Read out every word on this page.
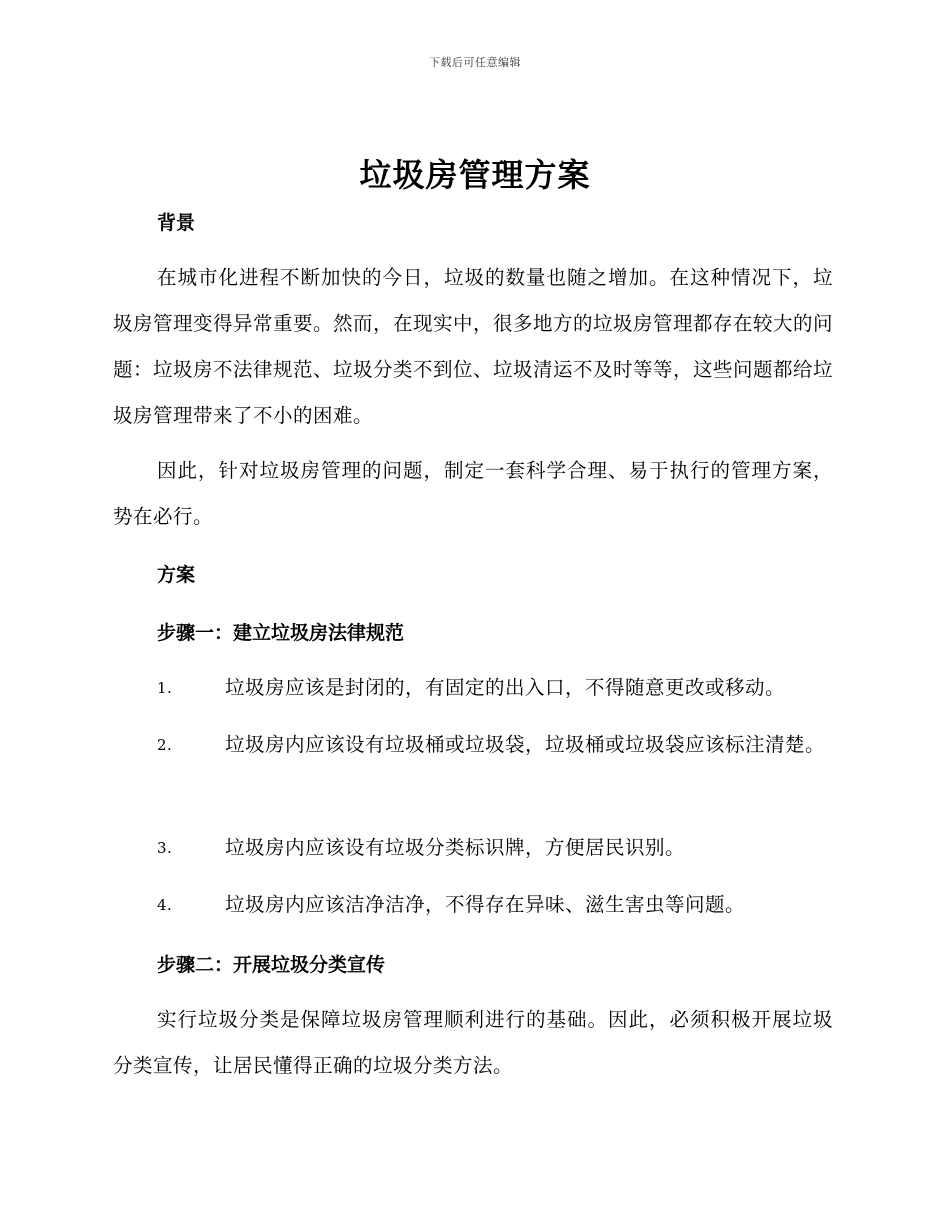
下载后可任意编辑
垃圾房管理方案
背景
在城市化进程不断加快的今日，垃圾的数量也随之增加。在这种情况下，垃圾房管理变得异常重要。然而，在现实中，很多地方的垃圾房管理都存在较大的问题：垃圾房不法律规范、垃圾分类不到位、垃圾清运不及时等等，这些问题都给垃圾房管理带来了不小的困难。
因此，针对垃圾房管理的问题，制定一套科学合理、易于执行的管理方案，势在必行。
方案
步骤一：建立垃圾房法律规范
1.	垃圾房应该是封闭的，有固定的出入口，不得随意更改或移动。
2.	垃圾房内应该设有垃圾桶或垃圾袋，垃圾桶或垃圾袋应该标注清楚。
3.	垃圾房内应该设有垃圾分类标识牌，方便居民识别。
4.	垃圾房内应该洁净洁净，不得存在异味、滋生害虫等问题。
步骤二：开展垃圾分类宣传
实行垃圾分类是保障垃圾房管理顺利进行的基础。因此，必须积极开展垃圾分类宣传，让居民懂得正确的垃圾分类方法。
